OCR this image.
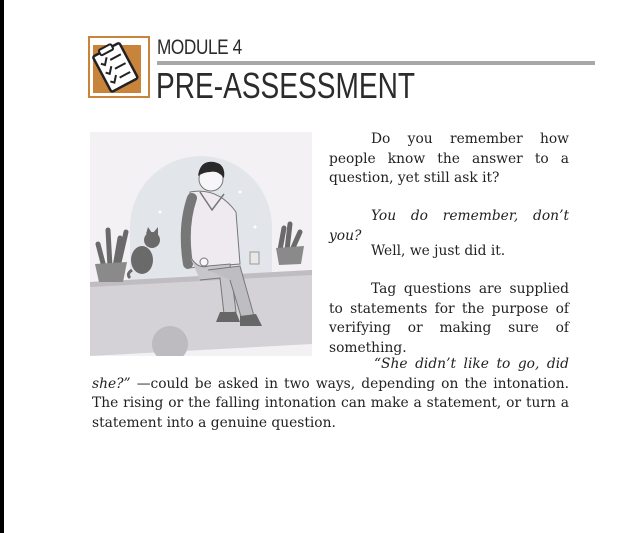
MODULE 4
PRE-ASSESSMENT

Do you remember how people know the answer to a question, yet still ask it?

You do remember, don’t you?

Well, we just did it.

Tag questions are supplied to statements for the purpose of verifying or making sure of something.

“She didn’t like to go, did she?” —could be asked in two ways, depending on the intonation. The rising or the falling intonation can make a statement, or turn a statement into a genuine question.
